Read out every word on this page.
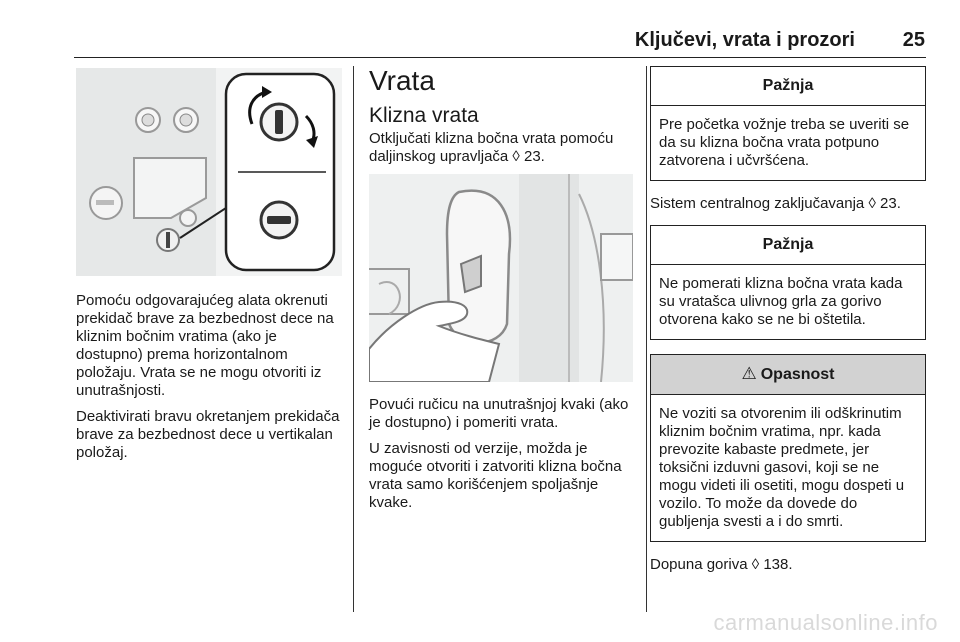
Ključevi, vrata i prozori 25

Pomoću odgovarajućeg alata okrenuti prekidač brave za bezbednost dece na kliznim bočnim vratima (ako je dostupno) prema horizontalnom položaju. Vrata se ne mogu otvoriti iz unutrašnjosti.

Deaktivirati bravu okretanjem prekidača brave za bezbednost dece u vertikalan položaj.

Vrata
Klizna vrata

Otključati klizna bočna vrata pomoću daljinskog upravljača ◊ 23.

Povući ručicu na unutrašnjoj kvaki (ako je dostupno) i pomeriti vrata.

U zavisnosti od verzije, možda je moguće otvoriti i zatvoriti klizna bočna vrata samo korišćenjem spoljašnje kvake.

Pažnja
Pre početka vožnje treba se uveriti se da su klizna bočna vrata potpuno zatvorena i učvršćena.

Sistem centralnog zaključavanja ◊ 23.

Pažnja
Ne pomerati klizna bočna vrata kada su vratašca ulivnog grla za gorivo otvorena kako se ne bi oštetila.
⚠ Opasnost
Ne voziti sa otvorenim ili odškrinutim kliznim bočnim vratima, npr. kada prevozite kabaste predmete, jer toksični izduvni gasovi, koji se ne mogu videti ili osetiti, mogu dospeti u vozilo. To može da dovede do gubljenja svesti a i do smrti.

Dopuna goriva ◊ 138.

carmanualsonline.info
